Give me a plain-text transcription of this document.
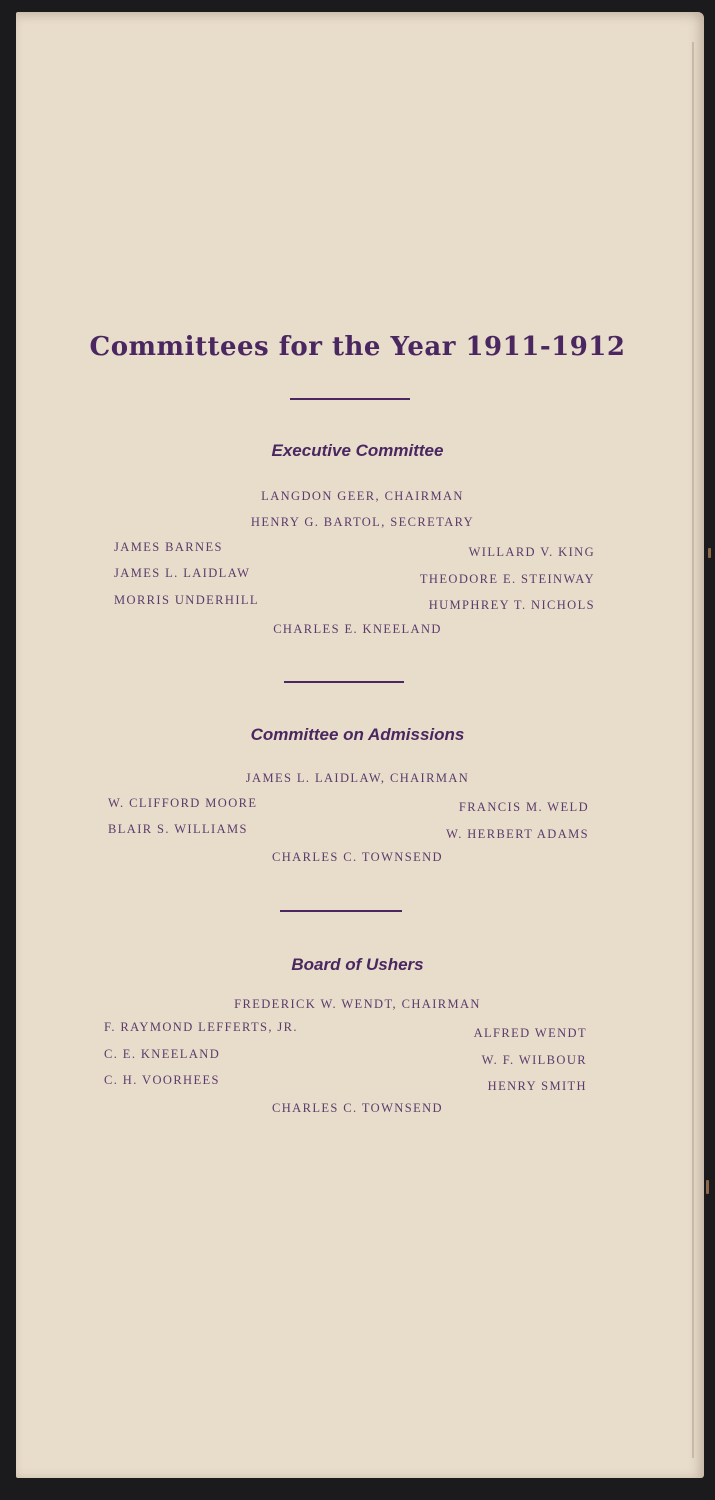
Committees for the Year 1911-1912
Executive Committee
LANGDON GEER, CHAIRMAN
HENRY G. BARTOL, SECRETARY
JAMES BARNES
JAMES L. LAIDLAW
MORRIS UNDERHILL
WILLARD V. KING
THEODORE E. STEINWAY
HUMPHREY T. NICHOLS
CHARLES E. KNEELAND
Committee on Admissions
JAMES L. LAIDLAW, CHAIRMAN
W. CLIFFORD MOORE
BLAIR S. WILLIAMS
FRANCIS M. WELD
W. HERBERT ADAMS
CHARLES C. TOWNSEND
Board of Ushers
FREDERICK W. WENDT, CHAIRMAN
F. RAYMOND LEFFERTS, JR.
C. E. KNEELAND
C. H. VOORHEES
ALFRED WENDT
W. F. WILBOUR
HENRY SMITH
CHARLES C. TOWNSEND
